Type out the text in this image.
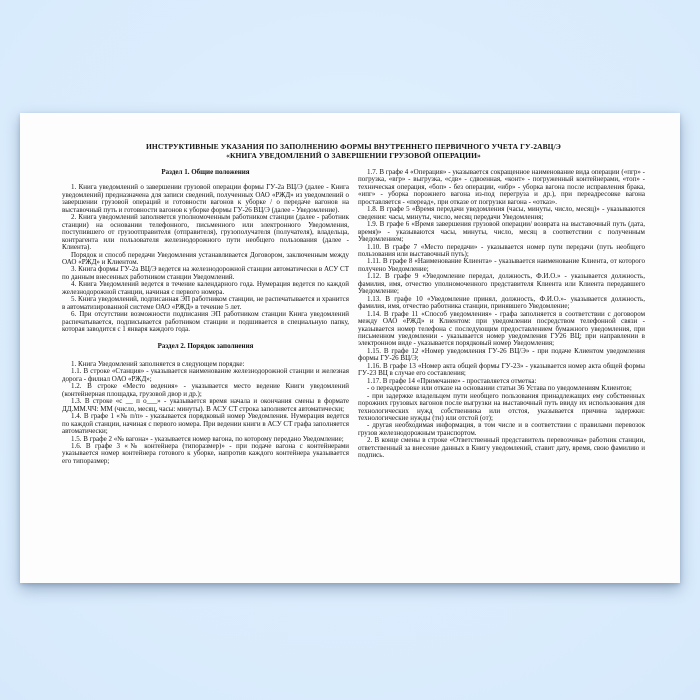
ИНСТРУКТИВНЫЕ УКАЗАНИЯ ПО ЗАПОЛНЕНИЮ ФОРМЫ ВНУТРЕННЕГО ПЕРВИЧНОГО УЧЕТА ГУ-2АВЦ/Э
«КНИГА УВЕДОМЛЕНИЙ О ЗАВЕРШЕНИИ ГРУЗОВОЙ ОПЕРАЦИИ»

Раздел 1. Общие положения

1. Книга уведомлений о завершении грузовой операции формы ГУ-2а ВЦ/Э (далее - Книга уведомлений) предназначена для записи сведений, полученных ОАО «РЖД» из уведомлений о завершении грузовой операций и готовности вагонов к уборке / о передаче вагонов на выставочный путь и готовности вагонов к уборке формы ГУ-26 ВЦ/Э (далее - Уведомление).

2. Книга уведомлений заполняется уполномоченным работником станции (далее - работник станции) на основании телефонного, письменного или электронного Уведомления, поступившего от грузоотправителя (отправителя), грузополучателя (получателя), владельца, контрагента или пользователя железнодорожного пути необщего пользования (далее - Клиента).

Порядок и способ передачи Уведомления устанавливается Договором, заключенным между ОАО «РЖД» и Клиентом.

3. Книга формы ГУ-2а ВЦ/Э ведется на железнодорожной станции автоматически в АСУ СТ по данным внесенных работником станции Уведомлений.

4. Книга Уведомлений ведется в течение календарного года. Нумерация ведется по каждой железнодорожной станции, начиная с первого номера.

5. Книга уведомлений, подписанная ЭП работником станции, не распечатывается и хранится в автоматизированной системе ОАО «РЖД» в течение 5 лет.

6. При отсутствии возможности подписания ЭП работником станции Книга уведомлений распечатывается, подписывается работником станции и подшивается в специальную папку, которая заводится с 1 января каждого года.

Раздел 2. Порядок заполнения

1. Книга Уведомлений заполняется в следующем порядке:

1.1. В строке «Станция» - указывается наименование железнодорожной станции и железная дорога - филиал ОАО «РЖД»;

1.2. В строке «Место ведения» - указывается место ведение Книги уведомлений (контейнерная площадка, грузовой двор и др.);

1.3. В строке «с __ п о___» - указывается время начала и окончания смены в формате ДД.ММ.ЧЧ: ММ (число, месяц, часы: минуты). В АСУ СТ строка заполняется автоматически;

1.4. В графе 1 «№ п/п» - указывается порядковый номер Уведомления. Нумерация ведется по каждой станции, начиная с первого номера. При ведении книги в АСУ СТ графа заполняется автоматически;

1.5. В графе 2 «№ вагона» - указывается номер вагона, по которому передано Уведомление;

1.6. В графе 3 «№ контейнера (типоразмер)» - при подаче вагона с контейнерами указывается номер контейнера готового к уборке, напротив каждого контейнера указывается его типоразмер;

1.7. В графе 4 «Операция» - указывается сокращенное наименование вида операции («пгр» - погрузка, «вгр» - выгрузка, «сдв» - сдвоенная, «конт» - погруженный контейнерами, «топ» - техническая операция, «боп» - без операции, «ибр» - уборка вагона после исправления брака, «ипг» - уборка порожнего вагона из-под перегруза и др.), при переадресовке вагона проставляется - «переад», при отказе от погрузки вагона - «отказ».

1.8. В графе 5 «Время передачи уведомления (часы, минуты, число, месяц)» - указываются сведения: часы, минуты, число, месяц передачи Уведомления;

1.9. В графе 6 «Время завершения грузовой операции/ возврата на выставочный путь (дата, время)» - указываются часы, минуты, число, месяц в соответствии с полученным Уведомлением;

1.10. В графе 7 «Место передачи» - указывается номер пути передачи (путь необщего пользования или выставочный путь);

1.11. В графе 8 «Наименование Клиента» - указывается наименование Клиента, от которого получено Уведомление;

1.12. В графе 9 «Уведомление передал, должность, Ф.И.О.» - указывается должность, фамилия, имя, отчество уполномоченного представителя Клиента или Клиента передавшего Уведомление;

1.13. В графе 10 «Уведомление принял, должность, Ф.И.О.»- указывается должность, фамилия, имя, отчество работника станции, принявшего Уведомление;

1.14. В графе 11 «Способ уведомления» - графа заполняется в соответствии с договором между ОАО «РЖД» и Клиентом: при уведомлении посредством телефонной связи - указывается номер телефона с последующим предоставлением бумажного уведомления, при письменном уведомлении - указывается номер уведомления ГУ26 ВЦ; при направлении в электронном виде - указывается порядковый номер Уведомления;

1.15. В графе 12 «Номер уведомления ГУ-26 ВЦ/Э» - при подаче Клиентом уведомления формы ГУ-26 ВЦ/Э;

1.16. В графе 13 «Номер акта общей формы ГУ-23» - указывается номер акта общей формы ГУ-23 ВЦ в случае его составления;

1.17. В графе 14 «Примечание» - проставляется отметка:

- о переадресовке или отказе на основании статьи 36 Устава по уведомлениям Клиентов;

- при задержке владельцем пути необщего пользования принадлежащих ему собственных порожних грузовых вагонов после выгрузки на выставочный путь ввиду их использования для технологических нужд собственника или отстоя, указывается причина задержки: технологические нужды (тн) или отстой (от);

- другая необходимая информация, в том числе и в соответствии с правилами перевозок грузов железнодорожным транспортом.

2. В конце смены в строке «Ответственный представитель перевозчика» работник станции, ответственный за внесение данных в Книгу уведомлений, ставит дату, время, свою фамилию и подпись.
